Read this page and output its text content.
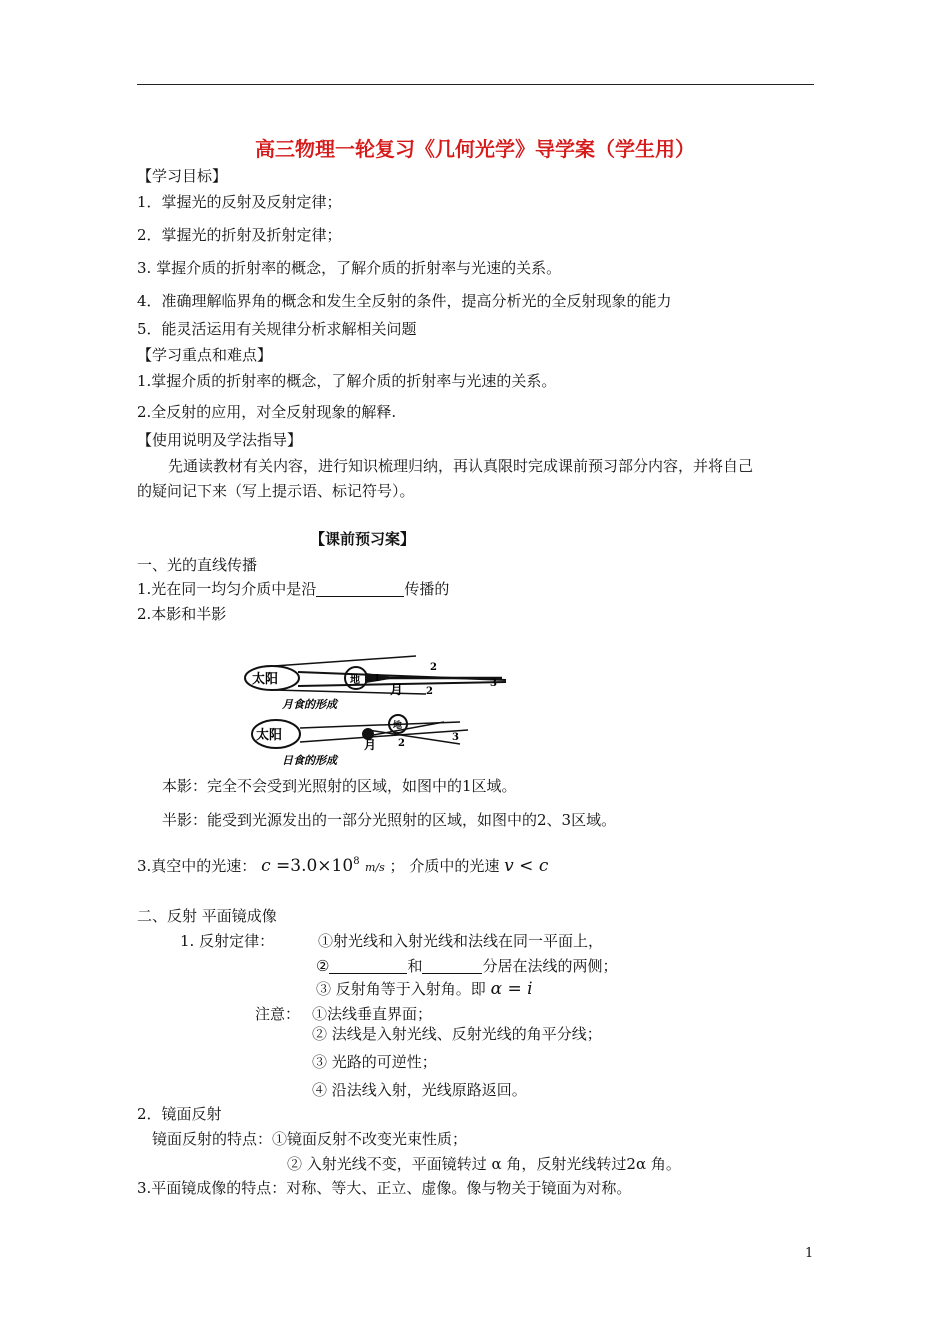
高三物理一轮复习《几何光学》导学案（学生用）
【学习目标】
1．掌握光的反射及反射定律；
2．掌握光的折射及折射定律；
3. 掌握介质的折射率的概念，了解介质的折射率与光速的关系。
4．准确理解临界角的概念和发生全反射的条件，提高分析光的全反射现象的能力
5．能灵活运用有关规律分析求解相关问题
【学习重点和难点】
1.掌握介质的折射率的概念，了解介质的折射率与光速的关系。
2.全反射的应用，对全反射现象的解释.
【使用说明及学法指导】
先通读教材有关内容，进行知识梳理归纳，再认真限时完成课前预习部分内容，并将自己
的疑问记下来（写上提示语、标记符号）。
【课前预习案】
一、光的直线传播
1.光在同一均匀介质中是沿	传播的
2.本影和半影
太阳	地 1
月
2
2
3
月食的形成
太阳
地
月 2
3
日食的形成
本影：完全不会受到光照射的区域，如图中的1区域。
半影：能受到光源发出的一部分光照射的区域，如图中的2、3区域。
3.真空中的光速： $c =3.0\times 10^8$ m/s ； 介质中的光速 v < c
二、反射 平面镜成像
1. 反射定律：	①射光线和入射光线和法线在同一平面上，
②	和	分居在法线的两侧；
③ 反射角等于入射角。即 α = i
注意： ①法线垂直界面；
② 法线是入射光线、反射光线的角平分线；
③ 光路的可逆性；
④ 沿法线入射，光线原路返回。
2．镜面反射
镜面反射的特点：①镜面反射不改变光束性质；
② 入射光线不变，平面镜转过 α 角，反射光线转过2α 角。
3.平面镜成像的特点：对称、等大、正立、虚像。像与物关于镜面为对称。
1
